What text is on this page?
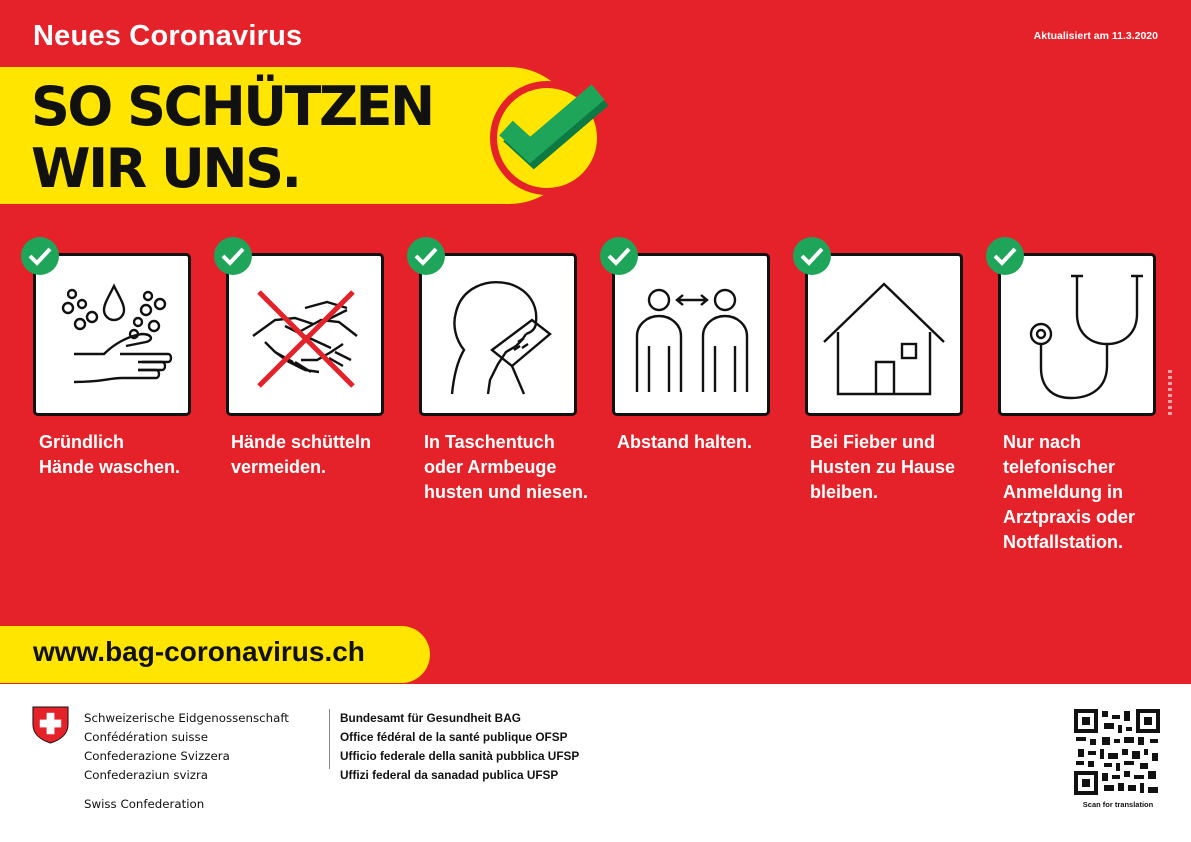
Neues Coronavirus	Aktualisiert am 11.3.2020
SO SCHÜTZEN
WIR UNS.
Gründlich
Hände waschen.
Hände schütteln
vermeiden.
In Taschentuch
oder Armbeuge
husten und niesen.
Abstand halten.	Bei Fieber und
Husten zu Hause
bleiben.
Nur nach
telefonischer
Anmeldung in
Arztpraxis oder
Notfallstation.
www.bag-coronavirus.ch
Schweizerische Eidgenossenschaft
Confédération suisse
Confederazione Svizzera
Confederaziun svizra
Swiss Confederation
Bundesamt für Gesundheit BAG
Office fédéral de la santé publique OFSP
Ufficio federale della sanità pubblica UFSP
Uffizi federal da sanadad publica UFSP
Scan for translation
